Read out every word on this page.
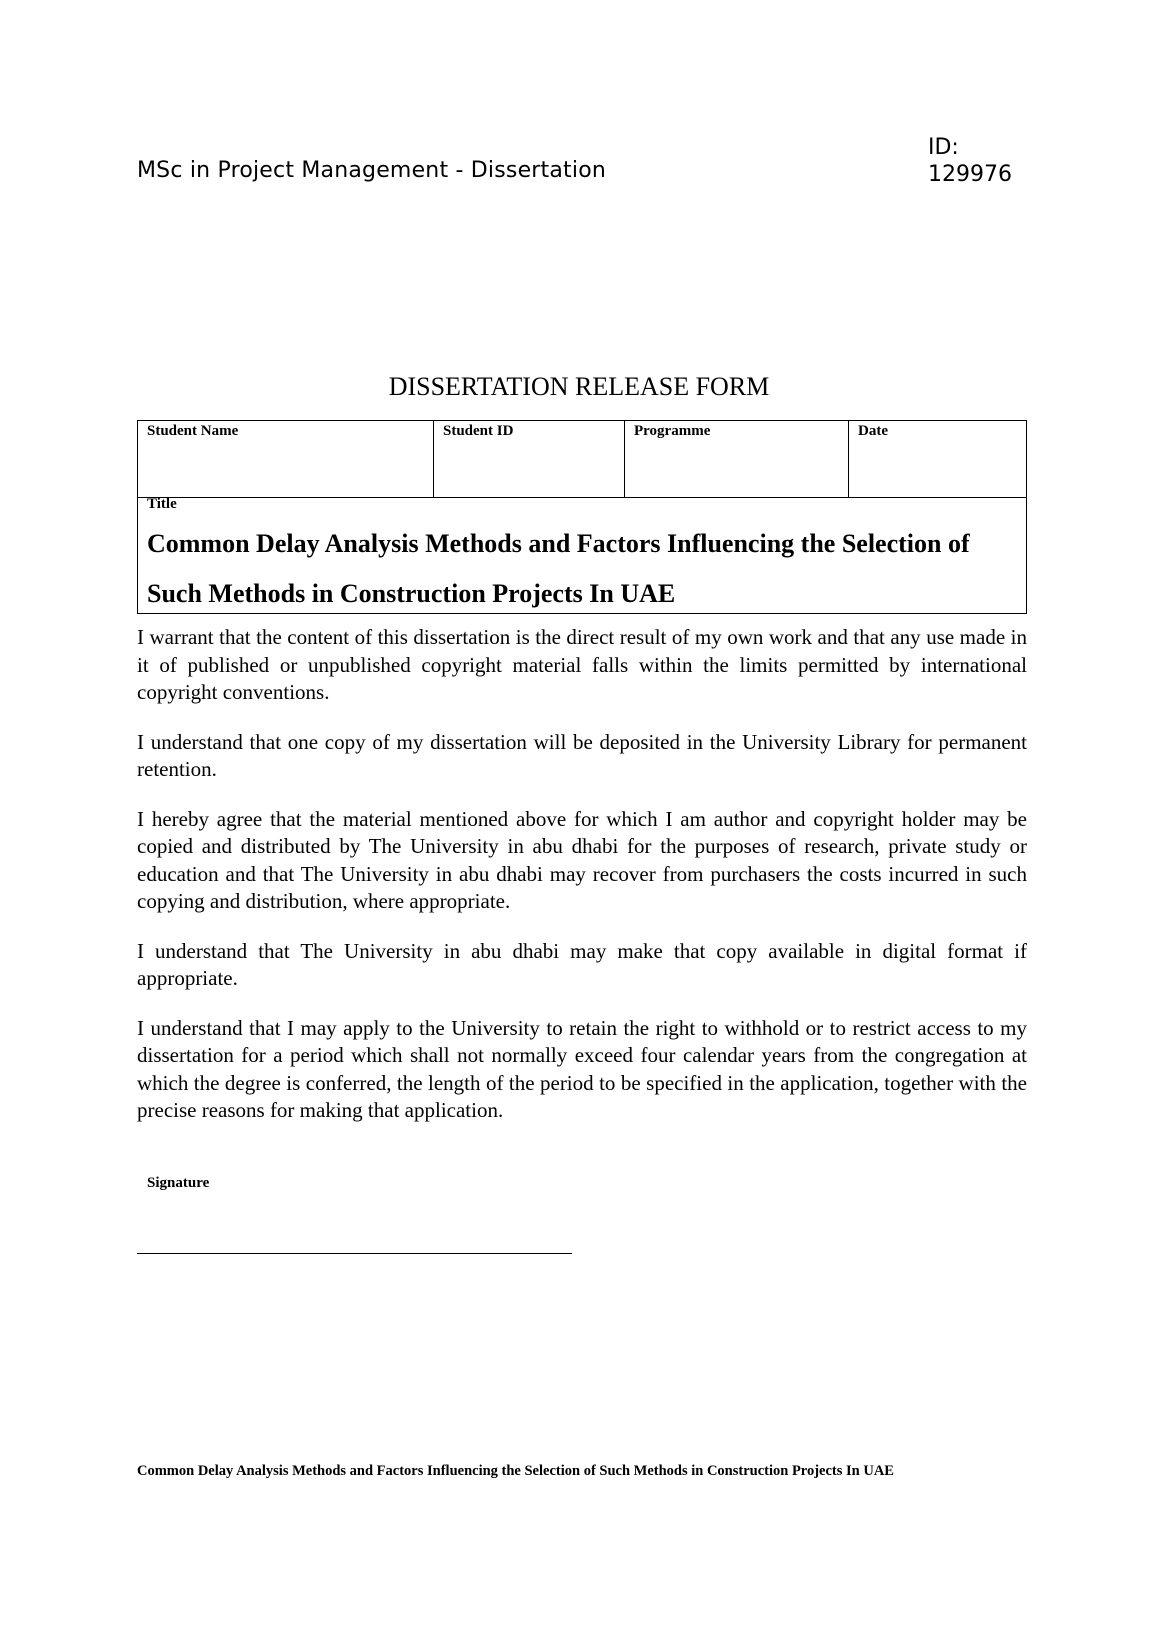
MSc in Project Management - Dissertation
ID:
129976
DISSERTATION RELEASE FORM
Student Name	Student ID	Programme	Date
Title
Common Delay Analysis Methods and Factors Influencing the Selection of Such Methods in Construction Projects In UAE

I warrant that the content of this dissertation is the direct result of my own work and that any use made in it of published or unpublished copyright material falls within the limits permitted by international copyright conventions.

I understand that one copy of my dissertation will be deposited in the University Library for permanent retention.

I hereby agree that the material mentioned above for which I am author and copyright holder may be copied and distributed by The University in abu dhabi for the purposes of research, private study or education and that The University in abu dhabi may recover from purchasers the costs incurred in such copying and distribution, where appropriate.

I understand that The University in abu dhabi may make that copy available in digital format if appropriate.

I understand that I may apply to the University to retain the right to withhold or to restrict access to my dissertation for a period which shall not normally exceed four calendar years from the congregation at which the degree is conferred, the length of the period to be specified in the application, together with the precise reasons for making that application.

Signature
Common Delay Analysis Methods and Factors Influencing the Selection of Such Methods in Construction Projects In UAE
